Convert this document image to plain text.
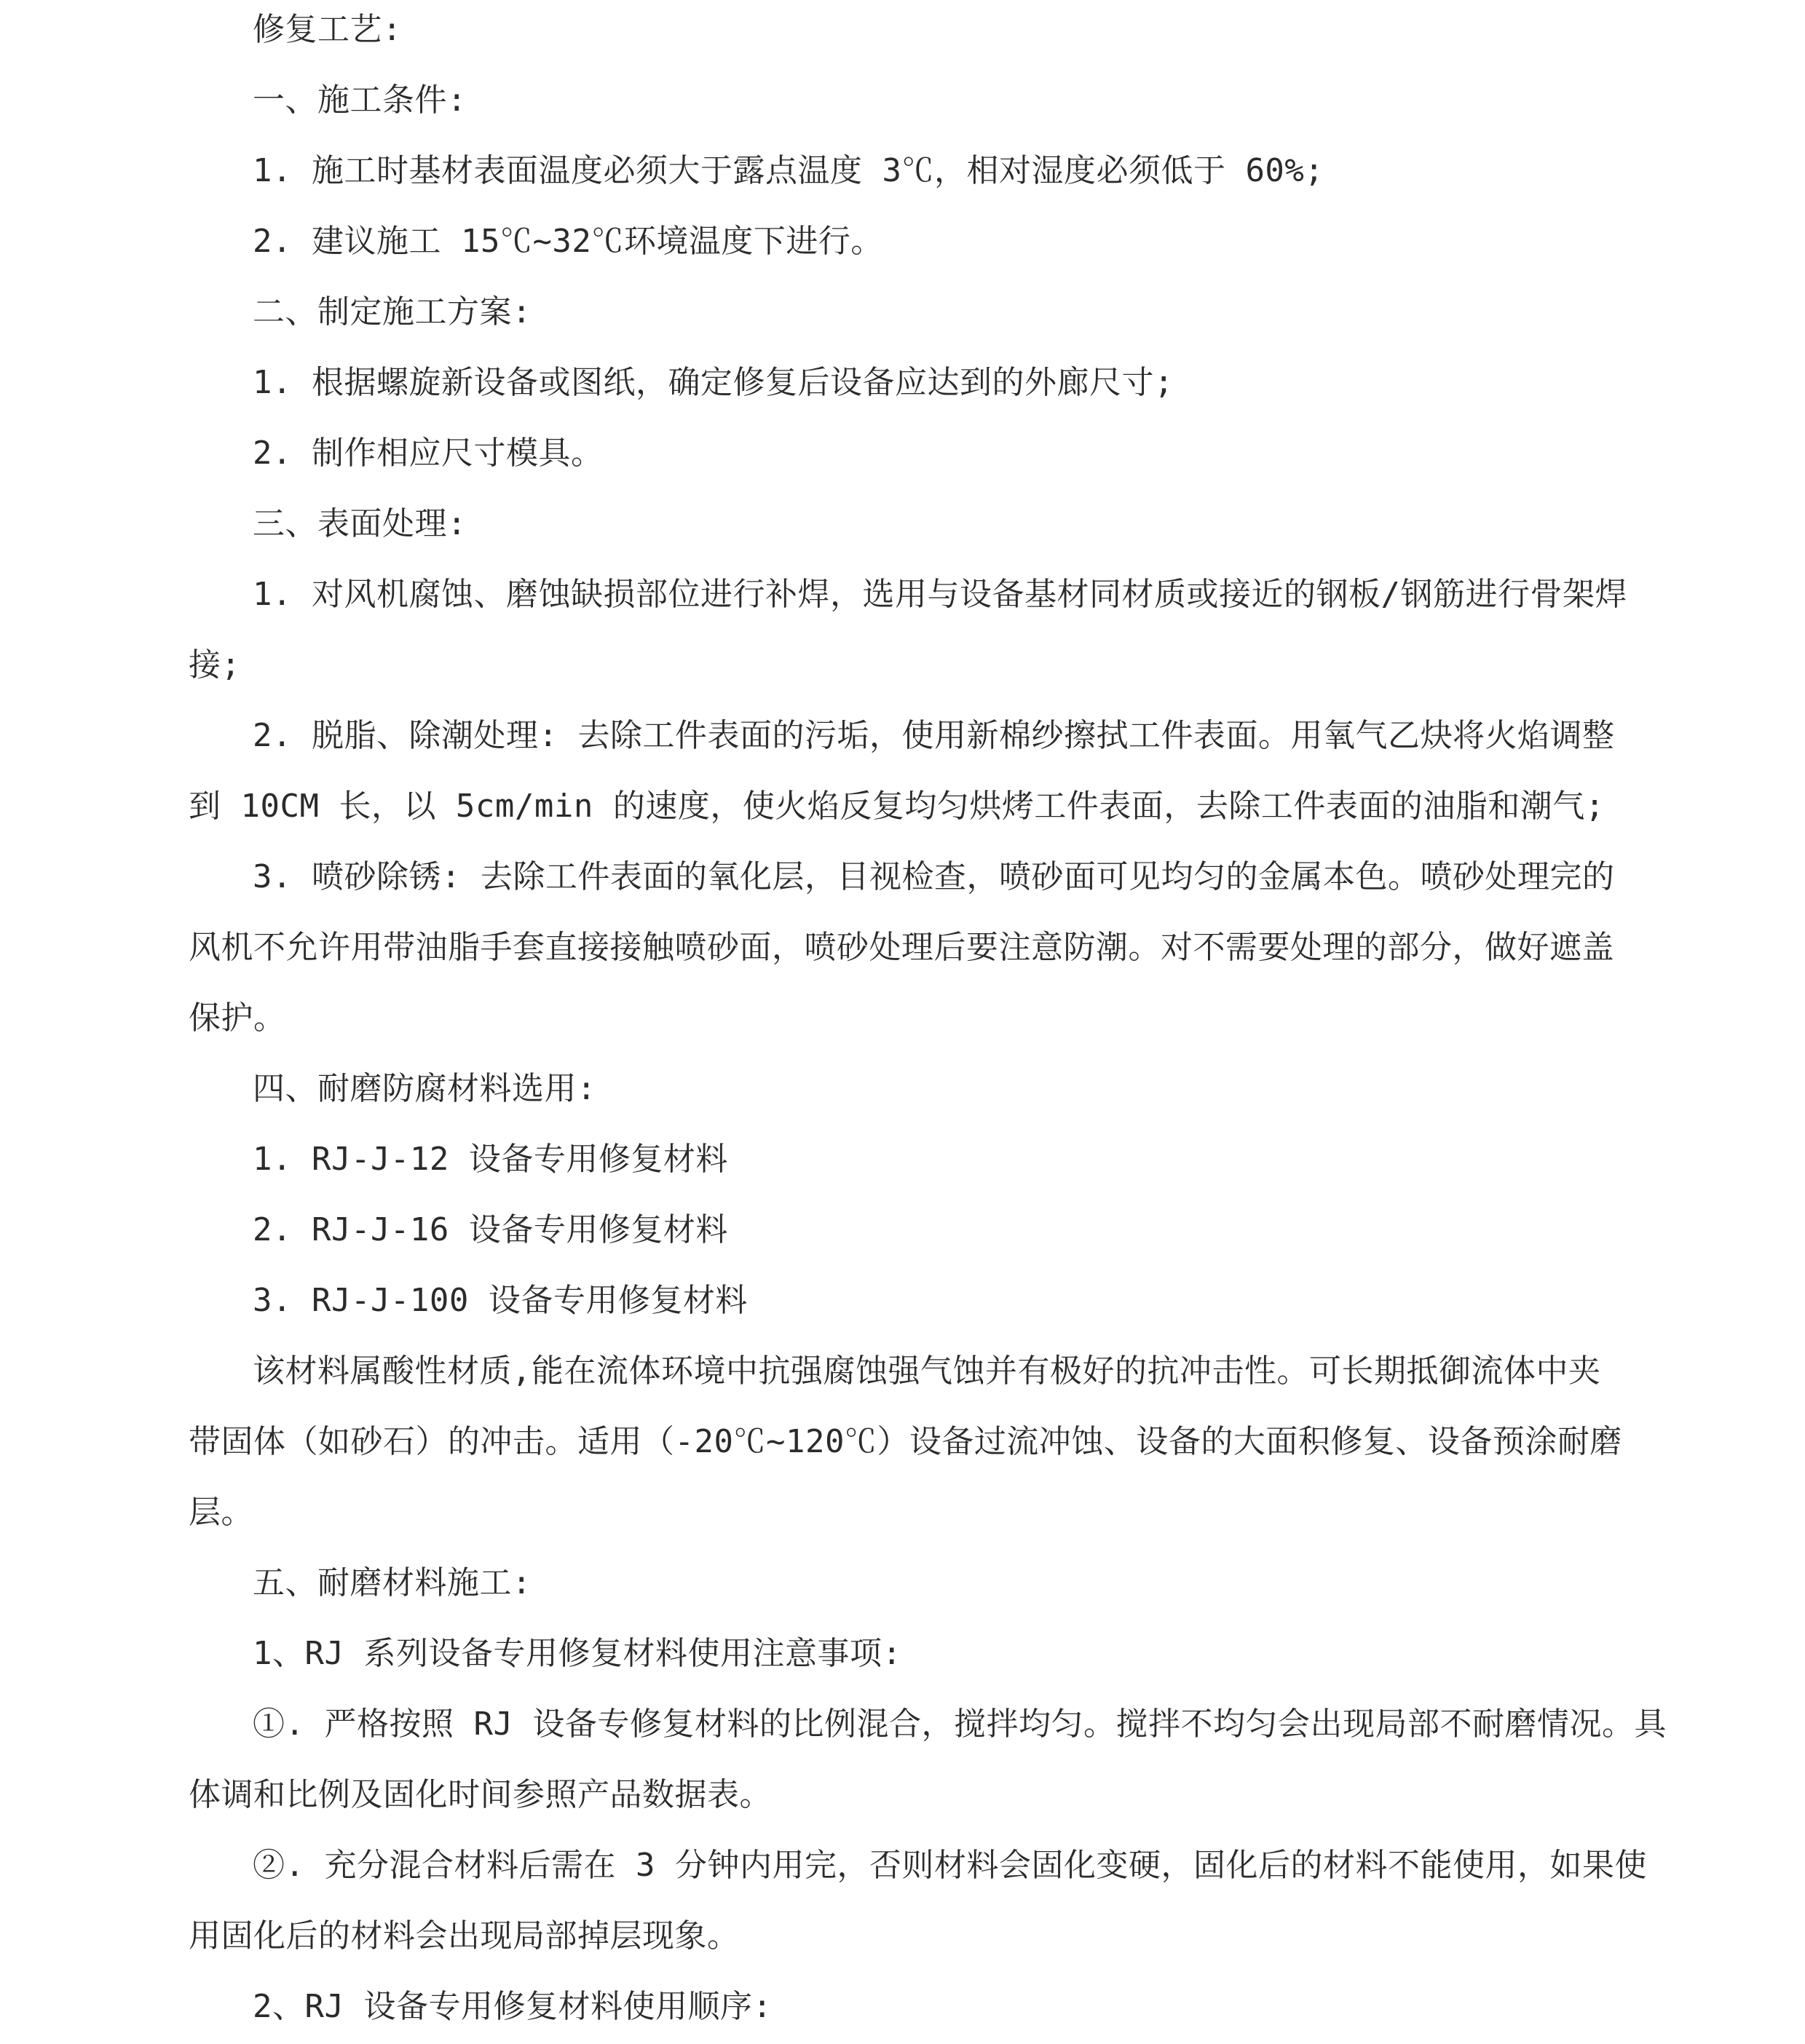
修复工艺:
一、施工条件:
1. 施工时基材表面温度必须大于露点温度 3℃，相对湿度必须低于 60%;
2. 建议施工 15℃~32℃环境温度下进行。
二、制定施工方案:
1. 根据螺旋新设备或图纸，确定修复后设备应达到的外廊尺寸;
2. 制作相应尺寸模具。
三、表面处理:
1. 对风机腐蚀、磨蚀缺损部位进行补焊，选用与设备基材同材质或接近的钢板/钢筋进行骨架焊
接;
2. 脱脂、除潮处理: 去除工件表面的污垢，使用新棉纱擦拭工件表面。用氧气乙炔将火焰调整
到 10CM 长，以 5cm/min 的速度，使火焰反复均匀烘烤工件表面，去除工件表面的油脂和潮气;
3. 喷砂除锈: 去除工件表面的氧化层，目视检查，喷砂面可见均匀的金属本色。喷砂处理完的
风机不允许用带油脂手套直接接触喷砂面，喷砂处理后要注意防潮。对不需要处理的部分，做好遮盖
保护。
四、耐磨防腐材料选用:
1. RJ-J-12 设备专用修复材料
2. RJ-J-16 设备专用修复材料
3. RJ-J-100 设备专用修复材料
该材料属酸性材质,能在流体环境中抗强腐蚀强气蚀并有极好的抗冲击性。可长期抵御流体中夹
带固体（如砂石）的冲击。适用（-20℃~120℃）设备过流冲蚀、设备的大面积修复、设备预涂耐磨
层。
五、耐磨材料施工:
1、RJ 系列设备专用修复材料使用注意事项:
①. 严格按照 RJ 设备专修复材料的比例混合，搅拌均匀。搅拌不均匀会出现局部不耐磨情况。具
体调和比例及固化时间参照产品数据表。
②. 充分混合材料后需在 3 分钟内用完，否则材料会固化变硬，固化后的材料不能使用，如果使
用固化后的材料会出现局部掉层现象。
2、RJ 设备专用修复材料使用顺序:
